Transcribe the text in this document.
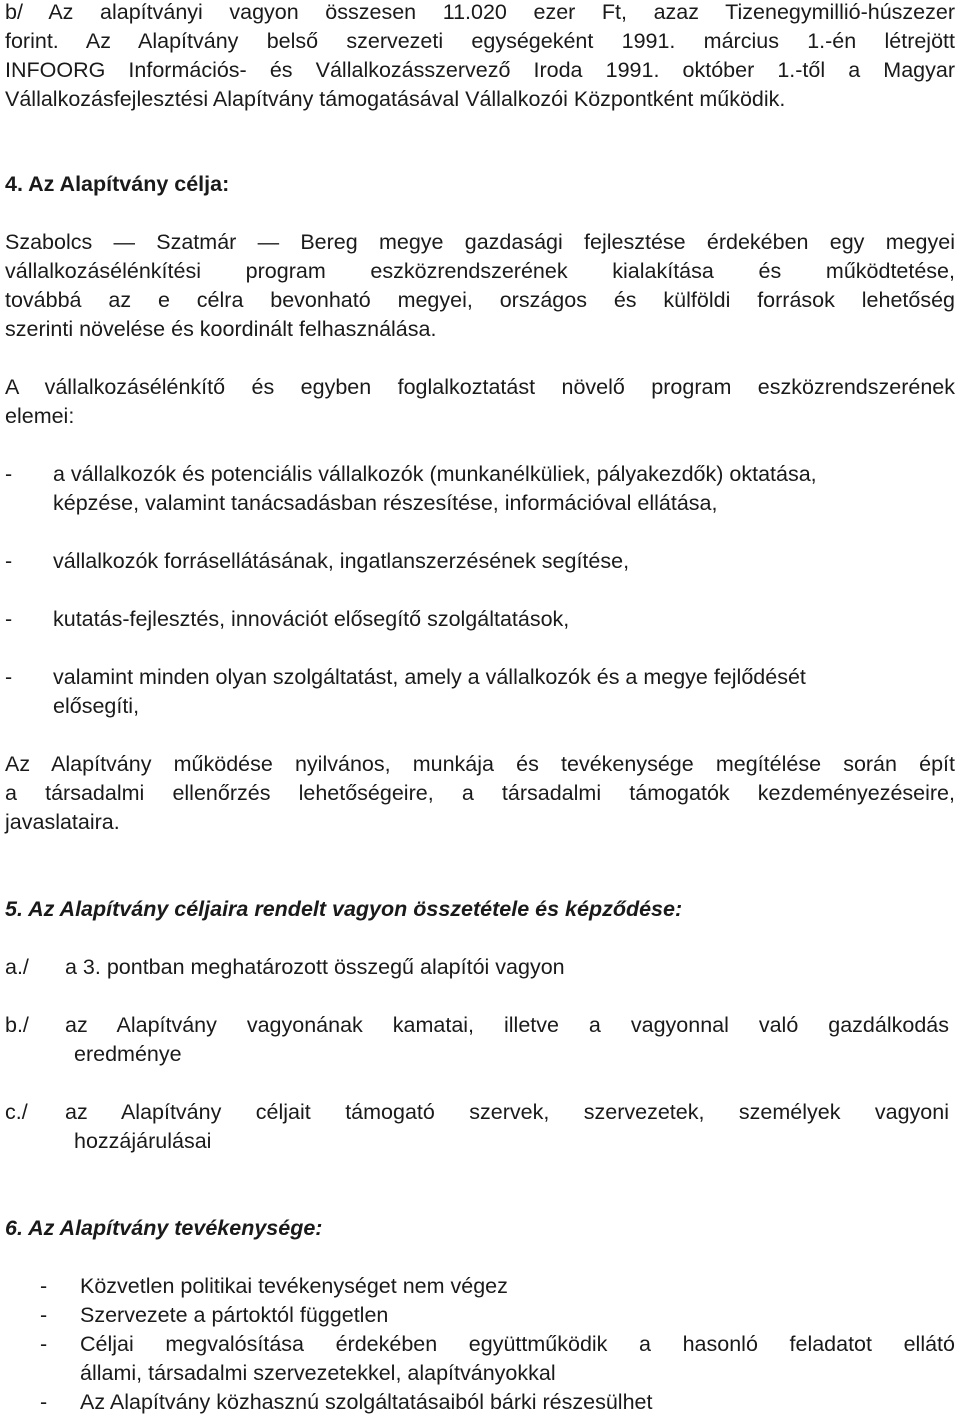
b/ Az alapítványi vagyon összesen 11.020 ezer Ft, azaz Tizenegymillió-húszezer
forint. Az Alapítvány belső szervezeti egységeként 1991. március 1.-én létrejött
INFOORG Információs- és Vállalkozásszervező Iroda 1991. október 1.-től a Magyar
Vállalkozásfejlesztési Alapítvány támogatásával Vállalkozói Központként működik.
4. Az Alapítvány célja:
Szabolcs — Szatmár — Bereg megye gazdasági fejlesztése érdekében egy megyei
vállalkozásélénkítési program eszközrendszerének kialakítása és működtetése,
továbbá az e célra bevonható megyei, országos és külföldi források lehetőség
szerinti növelése és koordinált felhasználása.
A vállalkozásélénkítő és egyben foglalkoztatást növelő program eszközrendszerének
elemei:
- a vállalkozók és potenciális vállalkozók (munkanélküliek, pályakezdők) oktatása,
képzése, valamint tanácsadásban részesítése, információval ellátása,
- vállalkozók forrásellátásának, ingatlanszerzésének segítése,
- kutatás-fejlesztés, innovációt elősegítő szolgáltatások,
- valamint minden olyan szolgáltatást, amely a vállalkozók és a megye fejlődését
elősegíti,
Az Alapítvány működése nyilvános, munkája és tevékenysége megítélése során épít
a társadalmi ellenőrzés lehetőségeire, a társadalmi támogatók kezdeményezéseire,
javaslataira.
5. Az Alapítvány céljaira rendelt vagyon összetétele és képződése:
a./ a 3. pontban meghatározott összegű alapítói vagyon
b./ az Alapítvány vagyonának kamatai, illetve a vagyonnal való gazdálkodás
eredménye
c./ az Alapítvány céljait támogató szervek, szervezetek, személyek vagyoni
hozzájárulásai
6. Az Alapítvány tevékenysége:
- Közvetlen politikai tevékenységet nem végez
- Szervezete a pártoktól független
- Céljai megvalósítása érdekében együttműködik a hasonló feladatot ellátó
állami, társadalmi szervezetekkel, alapítványokkal
- Az Alapítvány közhasznú szolgáltatásaiból bárki részesülhet
